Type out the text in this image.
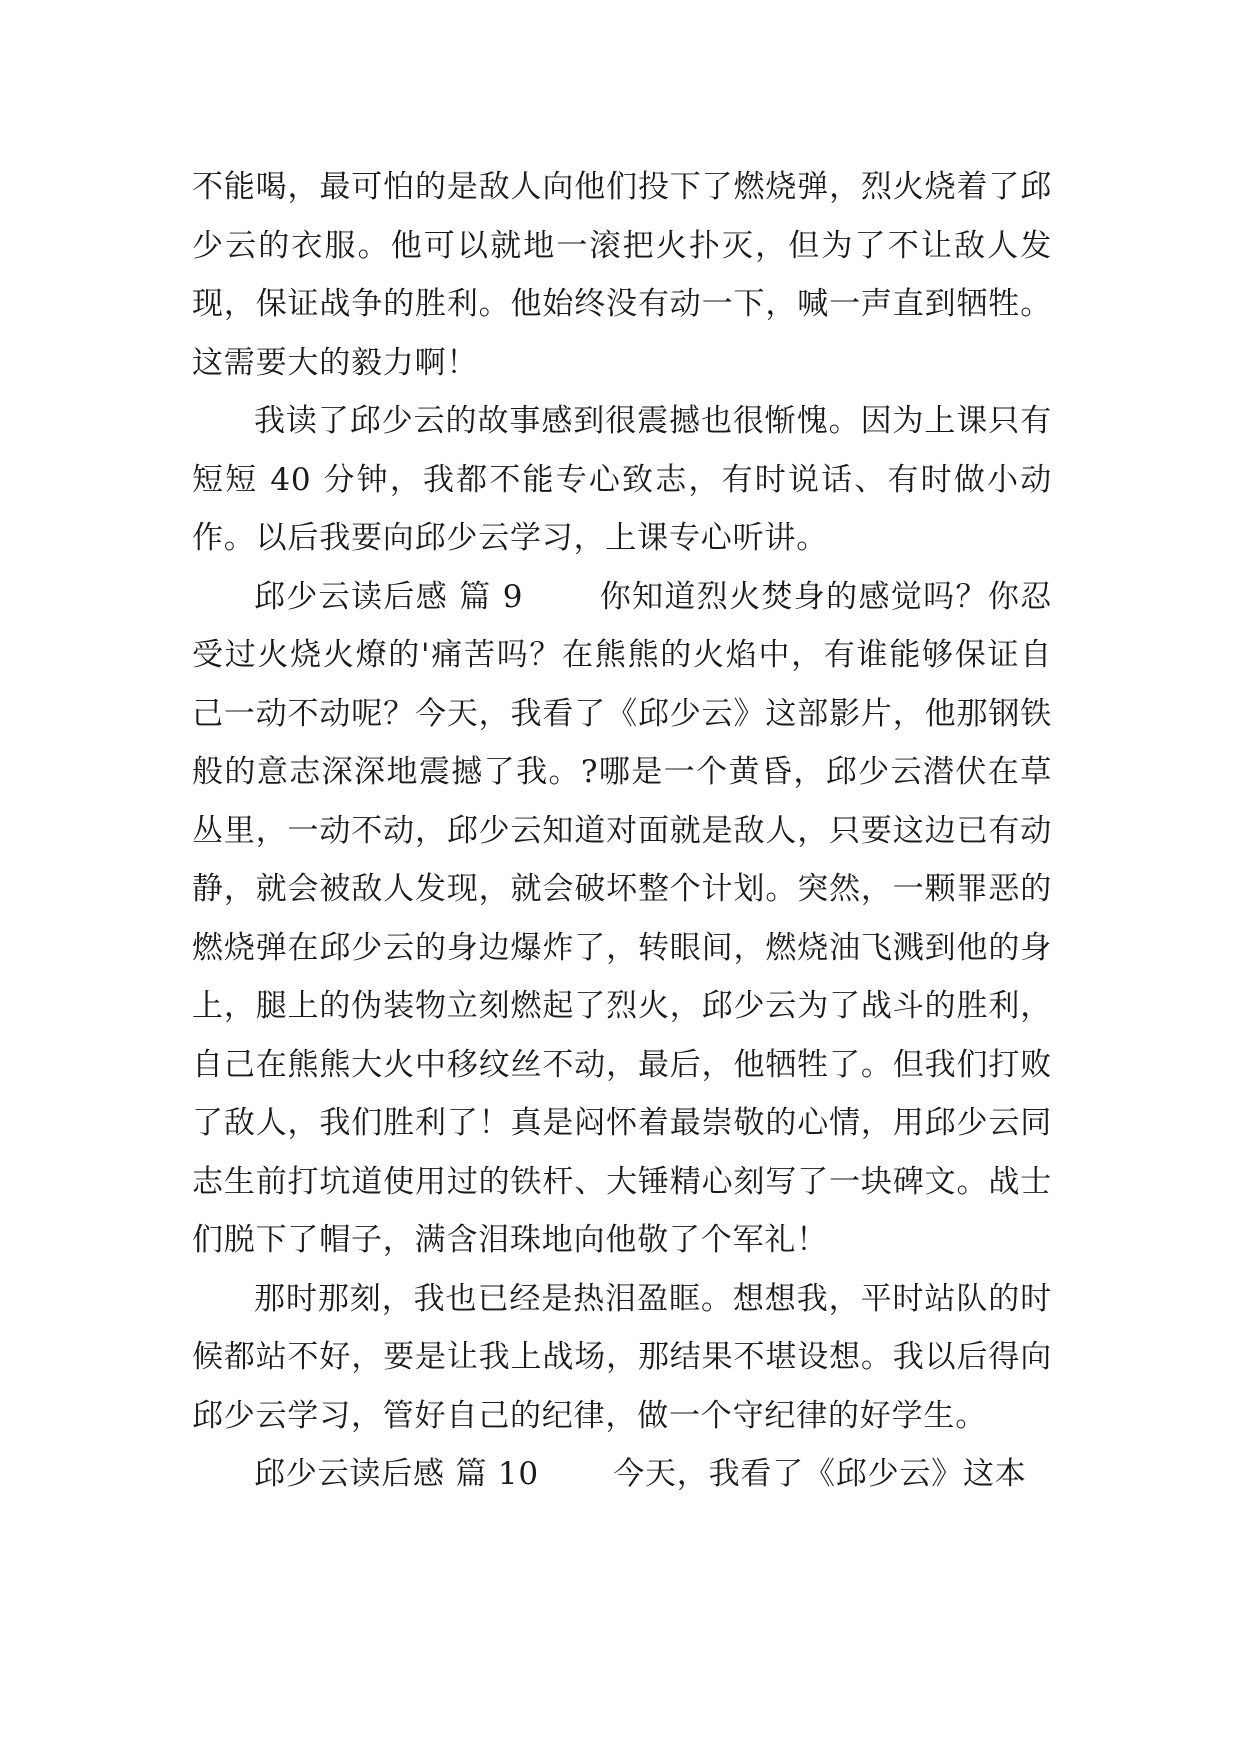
不能喝，最可怕的是敌人向他们投下了燃烧弹，烈火烧着了邱少云的衣服。他可以就地一滚把火扑灭，但为了不让敌人发现，保证战争的胜利。他始终没有动一下，喊一声直到牺牲。这需要大的毅力啊！

我读了邱少云的故事感到很震撼也很惭愧。因为上课只有短短 40 分钟，我都不能专心致志，有时说话、有时做小动作。以后我要向邱少云学习，上课专心听讲。

邱少云读后感 篇 9　　 你知道烈火焚身的感觉吗？你忍受过火烧火燎的'痛苦吗？在熊熊的火焰中，有谁能够保证自己一动不动呢？今天，我看了《邱少云》这部影片，他那钢铁般的意志深深地震撼了我。?哪是一个黄昏，邱少云潜伏在草丛里，一动不动，邱少云知道对面就是敌人，只要这边已有动静，就会被敌人发现，就会破坏整个计划。突然，一颗罪恶的燃烧弹在邱少云的身边爆炸了，转眼间，燃烧油飞溅到他的身上，腿上的伪装物立刻燃起了烈火，邱少云为了战斗的胜利，自己在熊熊大火中移纹丝不动，最后，他牺牲了。但我们打败了敌人，我们胜利了！真是闷怀着最崇敬的心情，用邱少云同志生前打坑道使用过的铁杆、大锤精心刻写了一块碑文。战士们脱下了帽子，满含泪珠地向他敬了个军礼！

那时那刻，我也已经是热泪盈眶。想想我，平时站队的时候都站不好，要是让我上战场，那结果不堪设想。我以后得向邱少云学习，管好自己的纪律，做一个守纪律的好学生。

邱少云读后感 篇 10　　 今天，我看了《邱少云》这本
